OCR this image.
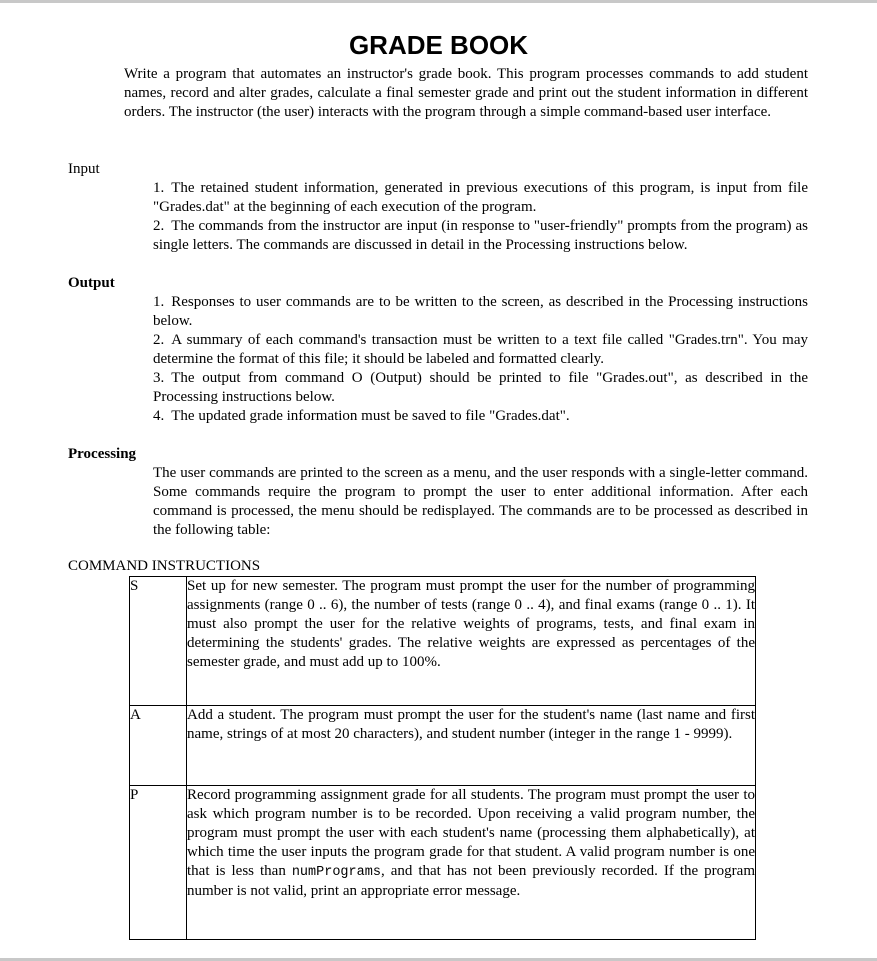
GRADE BOOK

Write a program that automates an instructor's grade book. This program processes commands to add student names, record and alter grades, calculate a final semester grade and print out the student information in different orders. The instructor (the user) interacts with the program through a simple command-based user interface.

Input

1. The retained student information, generated in previous executions of this program, is input from file "Grades.dat" at the beginning of each execution of the program.

2. The commands from the instructor are input (in response to "user-friendly" prompts from the program) as single letters. The commands are discussed in detail in the Processing instructions below.

Output

1. Responses to user commands are to be written to the screen, as described in the Processing instructions below.

2. A summary of each command's transaction must be written to a text file called "Grades.trn". You may determine the format of this file; it should be labeled and formatted clearly.

3. The output from command O (Output) should be printed to file "Grades.out", as described in the Processing instructions below.

4. The updated grade information must be saved to file "Grades.dat".

Processing

The user commands are printed to the screen as a menu, and the user responds with a single-letter command. Some commands require the program to prompt the user to enter additional information. After each command is processed, the menu should be redisplayed. The commands are to be processed as described in the following table:

COMMAND INSTRUCTIONS

S	Set up for new semester. The program must prompt the user for the number of programming assignments (range 0 .. 6), the number of tests (range 0 .. 4), and final exams (range 0 .. 1). It must also prompt the user for the relative weights of programs, tests, and final exam in determining the students' grades. The relative weights are expressed as percentages of the semester grade, and must add up to 100%.
A	Add a student. The program must prompt the user for the student's name (last name and first name, strings of at most 20 characters), and student number (integer in the range 1 - 9999).
P	Record programming assignment grade for all students. The program must prompt the user to ask which program number is to be recorded. Upon receiving a valid program number, the program must prompt the user with each student's name (processing them alphabetically), at which time the user inputs the program grade for that student. A valid program number is one that is less than numPrograms, and that has not been previously recorded. If the program number is not valid, print an appropriate error message.
